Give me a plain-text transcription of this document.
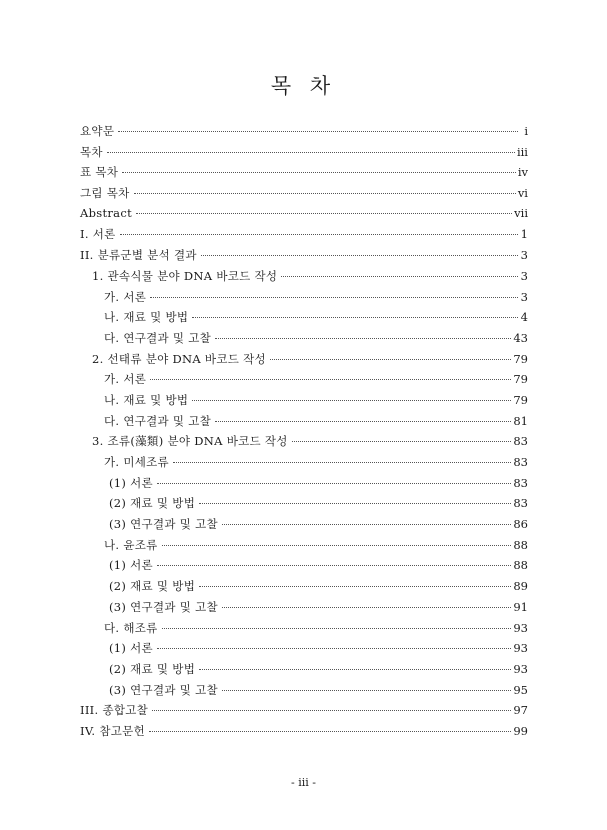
목 차
요약문	i
목차	iii
표 목차	iv
그림 목차	vi
Abstract	vii
I. 서론	1
II. 분류군별 분석 결과	3
1. 관속식물 분야 DNA 바코드 작성	3
가. 서론	3
나. 재료 및 방법	4
다. 연구결과 및 고찰	43
2. 선태류 분야 DNA 바코드 작성	79
가. 서론	79
나. 재료 및 방법	79
다. 연구결과 및 고찰	81
3. 조류(藻類) 분야 DNA 바코드 작성	83
가. 미세조류	83
(1) 서론	83
(2) 재료 및 방법	83
(3) 연구결과 및 고찰	86
나. 윤조류	88
(1) 서론	88
(2) 재료 및 방법	89
(3) 연구결과 및 고찰	91
다. 해조류	93
(1) 서론	93
(2) 재료 및 방법	93
(3) 연구결과 및 고찰	95
III. 종합고찰	97
IV. 참고문헌	99
- iii -
